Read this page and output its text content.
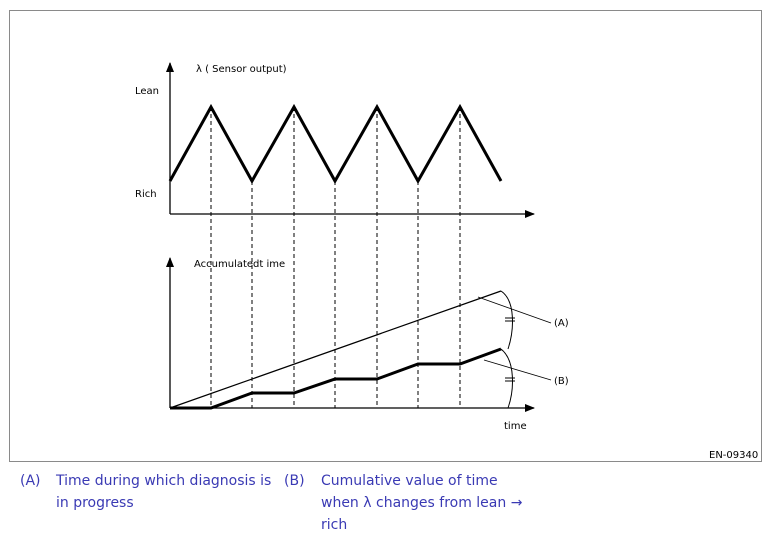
λ ( Sensor output)
Lean
Rich
Accumulatedt ime
time
(A)
(B)
EN-09340
(A) Time during which diagnosis is
in progress
(B) Cumulative value of time
when λ changes from lean →
rich
